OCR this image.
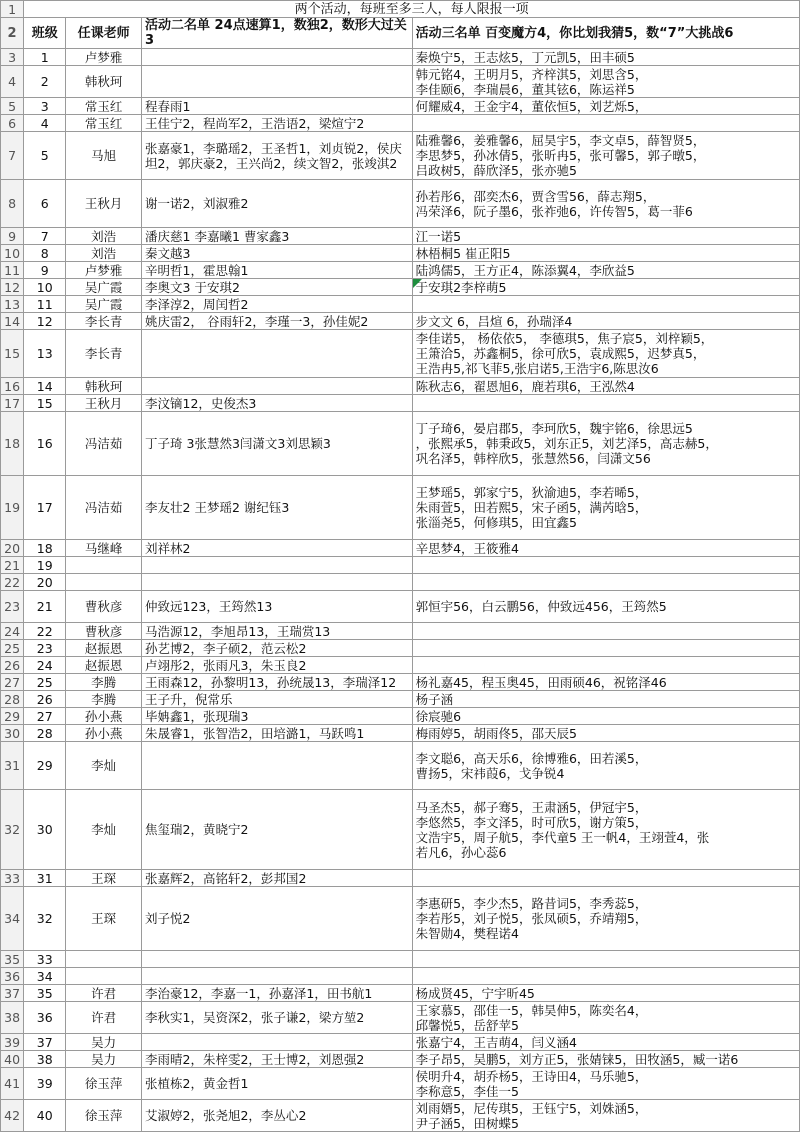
1	两个活动，每班至多三人，每人限报一项			
2	班级	任课老师	活动二名单 24点速算1，数独2，数形大过关3	活动三名单 百变魔方4，你比划我猜5，数“7”大挑战6
3	1	卢梦雅		秦焕宁5，王志炫5，丁元凯5，田丰硕5
4	2	韩秋珂		韩元铭4，王明月5，齐梓淇5，刘思含5，
李佳颐6，李瑞晨6，董其铉6，陈运祥5
5	3	常玉红	程春雨1	何耀威4，王金宇4，董依恒5，刘艺烁5，
6	4	常玉红	王佳宁2，程尚军2，王浩语2，梁煊宁2	
7	5	马旭	张嘉豪1，李璐瑶2，王圣哲1，刘贞锐2，侯庆
坦2，郭庆豪2，王兴尚2，续文智2，张竣淇2	陆雅馨6，姜雅馨6，屈昊宇5，李文卓5，薛智贤5，
李思梦5，孙冰倩5，张昕冉5，张可馨5，郭子暾5，
吕政树5，薛欣泽5，张亦驰5
8	6	王秋月	谢一诺2，刘淑雅2	孙若彤6，邵奕杰6，贾含雪56，薛志翔5，
冯荣泽6，阮子墨6，张祚弛6，许传智5，葛一菲6
9	7	刘浩	潘庆慈1 李嘉曦1 曹家鑫3	江一诺5
10	8	刘浩	秦文越3	林梧桐5 崔正阳5
11	9	卢梦雅	辛明哲1，霍思翰1	陆鸿儒5，王方正4，陈添翼4，李欣益5
12	10	吴广霞	李奥文3 于安琪2	于安琪2李梓萌5
13	11	吴广霞	李泽淳2，周闰哲2	
14	12	李长青	姚庆雷2， 谷雨轩2，李瑾一3，孙佳妮2	步文文 6，吕煊 6，孙瑞泽4
15	13	李长青		李佳诺5， 杨依依5， 李德琪5，焦子宸5，刘梓颖5，
王箫洽5，苏鑫桐5，徐可欣5，袁成熙5，迟梦真5，
王浩冉5,祁飞菲5,张启诺5,王浩宇6,陈思汝6
16	14	韩秋珂		陈秋志6，翟恩旭6，鹿若琪6，王泓然4
17	15	王秋月	李汶镝12，史俊杰3	
18	16	冯洁茹	丁子琦 3张慧然3闫潇文3刘思颖3	丁子琦6，晏启郡5，李珂欣5，魏宇铭6，徐思远5
，张熙承5，韩秉政5，刘东正5，刘艺泽5，高志赫5，
巩名泽5，韩梓欣5，张慧然56，闫潇文56
19	17	冯洁茹	李友壮2 王梦瑶2 谢纪钰3	王梦瑶5，郭家宁5，狄渝迪5，李若晞5，
朱雨萱5，田若熙5，宋子函5，满芮晗5，
张淄尧5，何修琪5，田宜鑫5
20	18	马继峰	刘祥林2	辛思梦4，王筱雅4
21	19			
22	20			
23	21	曹秋彦	仲致远123，王筠然13	郭恒宇56，白云鹏56，仲致远456，王筠然5
24	22	曹秋彦	马浩源12，李旭昂13，王瑞赏13	
25	23	赵振恩	孙艺博2，李子硕2，范云松2	
26	24	赵振恩	卢翊彤2，张雨凡3，朱玉良2	
27	25	李腾	王雨森12，孙黎明13，孙统晟13，李瑞泽12	杨礼嘉45，程玉奥45，田雨硕46，祝铭泽46
28	26	李腾	王子升，倪常乐	杨子涵
29	27	孙小燕	毕姌鑫1，张现瑞3	徐宸驰6
30	28	孙小燕	朱晟睿1，张智浩2，田培潞1，马跃鸣1	梅雨婷5，胡雨佟5，邵天辰5
31	29	李灿		李文聪6，高天乐6，徐博雅6，田若溪5，
曹扬5，宋祎葭6，戈争锐4
32	30	李灿	焦玺瑞2，黄晓宁2	马圣杰5，郝子骞5，王肃涵5，伊冠宇5，
李悠然5，李文泽5，时可欣5，谢方策5，
文浩宇5，周子航5，李代童5 王一帆4，王翊萱4，张
若凡6，孙心蕊6
33	31	王琛	张嘉辉2，高铭轩2，彭邦国2	
34	32	王琛	刘子悦2	李惠研5，李少杰5，路昔词5，李秀蕊5，
李若彤5，刘子悦5，张凤硕5，乔靖翔5，
朱智勋4，樊程诺4
35	33			
36	34			
37	35	许君	李治豪12，李嘉一1，孙嘉泽1，田书航1	杨成贤45，宁宇昕45
38	36	许君	李秋实1，吴资深2，张子谦2，梁方堃2	王家慕5，邵佳一5，韩昊伸5，陈奕名4，
邱馨悦5，岳舒苹5
39	37	吴力		张嘉宁4，王吉萌4，闫义涵4
40	38	吴力	李雨晴2，朱梓雯2，王士博2，刘恩强2	李子昂5，吴鹏5，刘方正5，张婧铼5，田牧涵5，臧一诺6
41	39	徐玉萍	张植栋2，黄金哲1	侯明升4，胡乔杨5，王诗田4，马乐驰5，
李称意5，李佳一5
42	40	徐玉萍	艾淑婷2，张尧旭2，李丛心2	刘雨婿5，尼传琪5，王钰宁5，刘姝涵5，
尹子涵5，田树蝶5
